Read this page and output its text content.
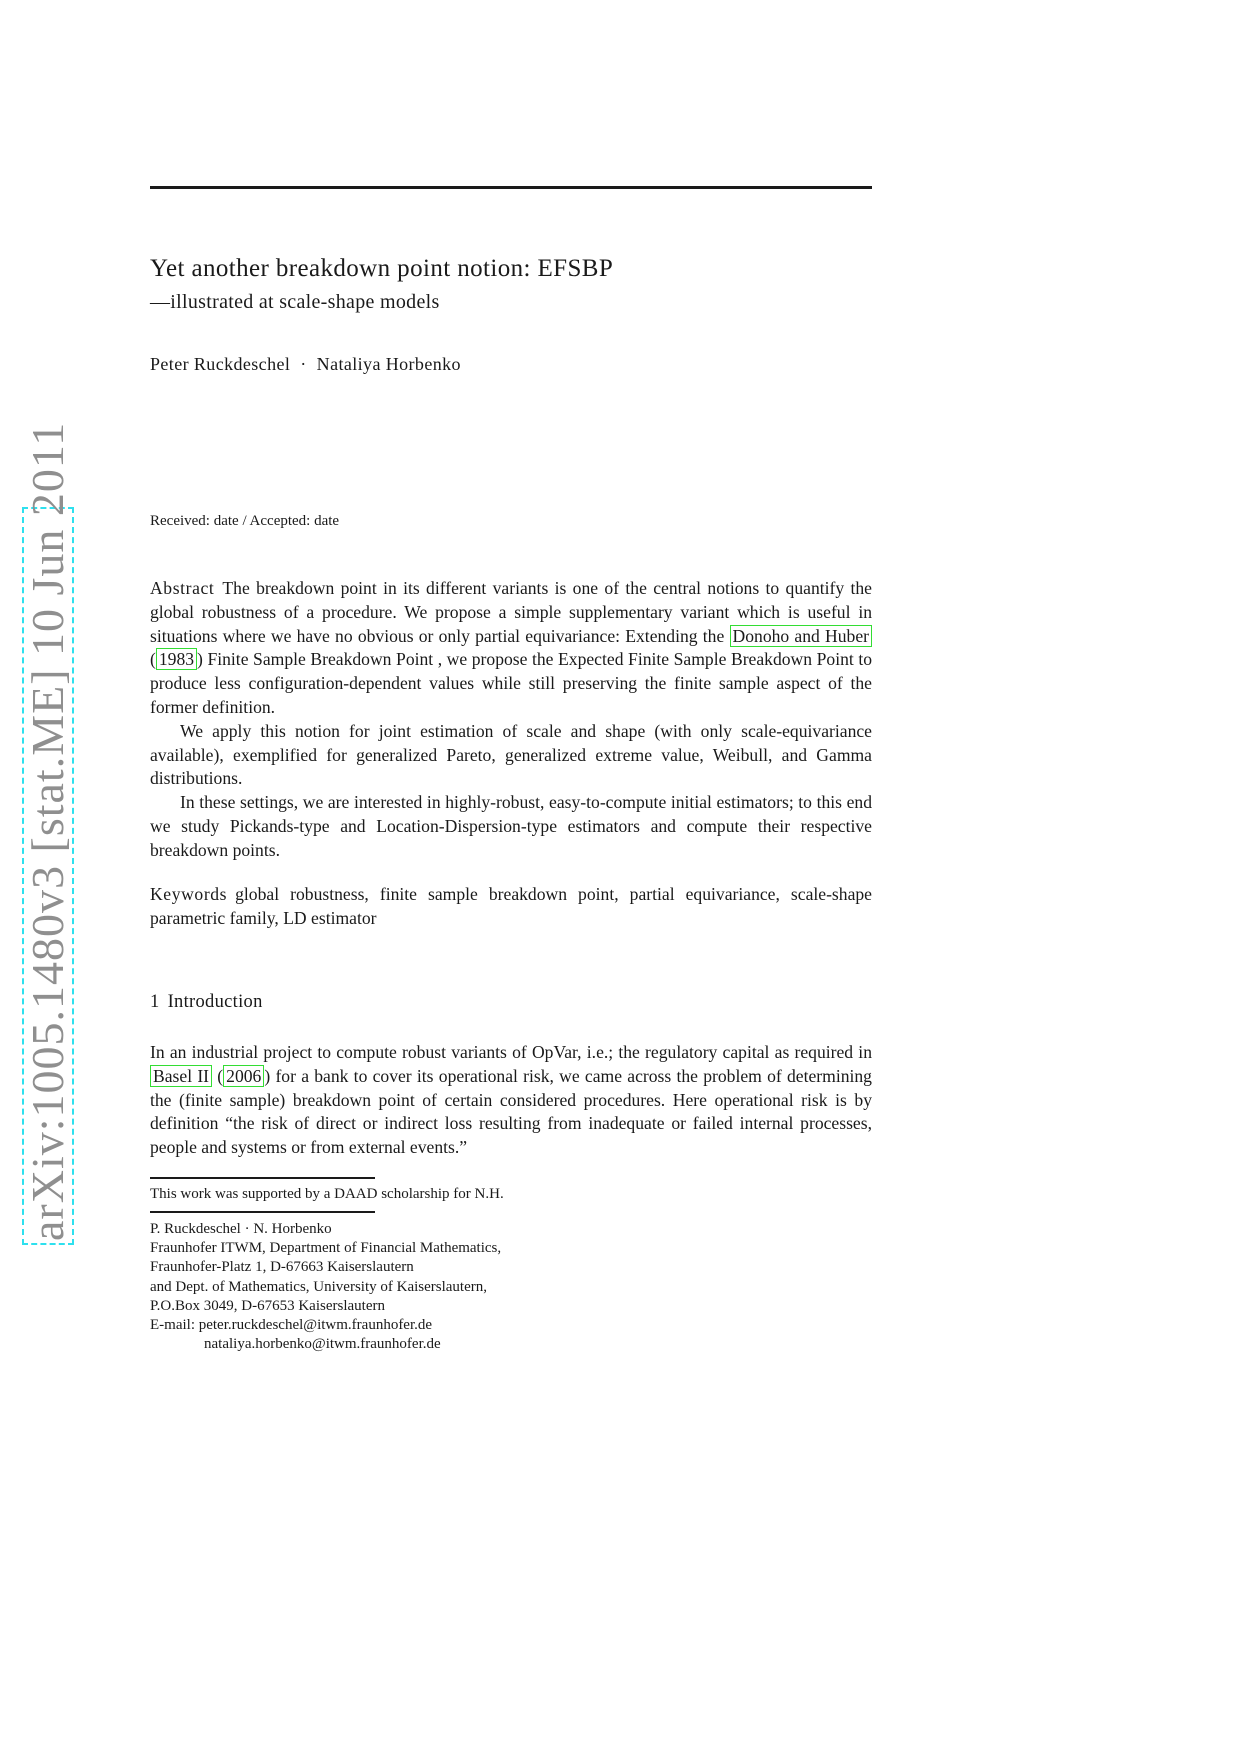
Yet another breakdown point notion: EFSBP
—illustrated at scale-shape models
Peter Ruckdeschel · Nataliya Horbenko
Received: date / Accepted: date
Abstract The breakdown point in its different variants is one of the central notions to quantify the global robustness of a procedure. We propose a simple supplementary variant which is useful in situations where we have no obvious or only partial equivariance: Extending the Donoho and Huber ( 1983 ) Finite Sample Breakdown Point , we propose the Expected Finite Sample Breakdown Point to produce less configuration-dependent values while still preserving the finite sample aspect of the former definition.
We apply this notion for joint estimation of scale and shape (with only scale-equivariance available), exemplified for generalized Pareto, generalized extreme value, Weibull, and Gamma distributions.
In these settings, we are interested in highly-robust, easy-to-compute initial estimators; to this end we study Pickands-type and Location-Dispersion-type estimators and compute their respective breakdown points.
Keywords global robustness, finite sample breakdown point, partial equivariance, scale-shape parametric family, LD estimator
1 Introduction
In an industrial project to compute robust variants of OpVar, i.e.; the regulatory capital as required in Basel II ( 2006 ) for a bank to cover its operational risk, we came across the problem of determining the (finite sample) breakdown point of certain considered procedures. Here operational risk is by definition “the risk of direct or indirect loss resulting from inadequate or failed internal processes, people and systems or from external events.”
This work was supported by a DAAD scholarship for N.H.
P. Ruckdeschel · N. Horbenko
Fraunhofer ITWM, Department of Financial Mathematics,
Fraunhofer-Platz 1, D-67663 Kaiserslautern
and Dept. of Mathematics, University of Kaiserslautern,
P.O.Box 3049, D-67653 Kaiserslautern
E-mail: peter.ruckdeschel@itwm.fraunhofer.de
nataliya.horbenko@itwm.fraunhofer.de
arXiv:1005.1480v3 [stat.ME] 10 Jun 2011
